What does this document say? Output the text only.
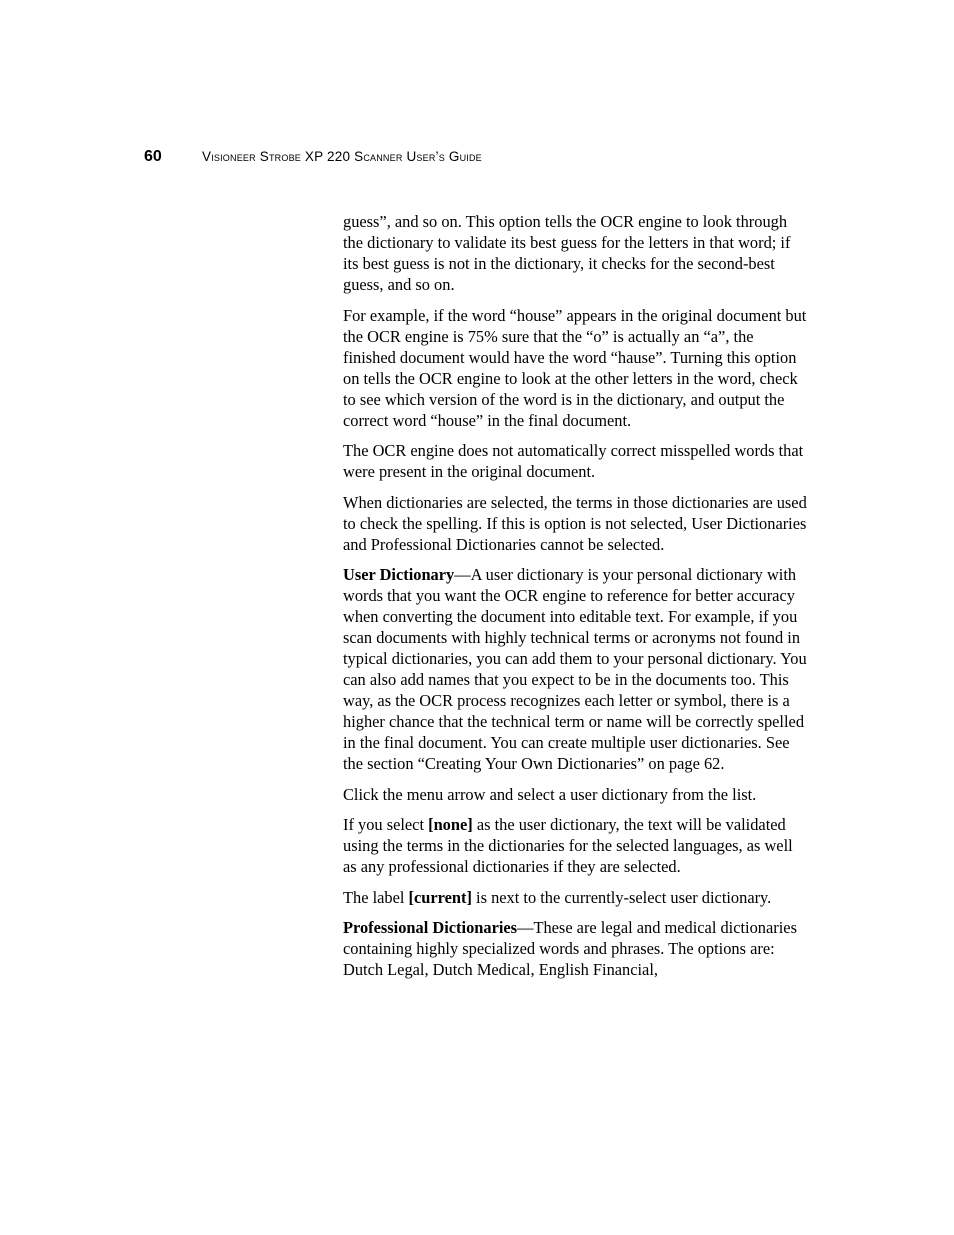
60	Visioneer Strobe XP 220 Scanner User’s Guide

guess”, and so on. This option tells the OCR engine to look through the dictionary to validate its best guess for the letters in that word; if its best guess is not in the dictionary, it checks for the second-best guess, and so on.

For example, if the word “house” appears in the original document but the OCR engine is 75% sure that the “o” is actually an “a”, the finished document would have the word “hause”. Turning this option on tells the OCR engine to look at the other letters in the word, check to see which version of the word is in the dictionary, and output the correct word “house” in the final document.

The OCR engine does not automatically correct misspelled words that were present in the original document.

When dictionaries are selected, the terms in those dictionaries are used to check the spelling. If this is option is not selected, User Dictionaries and Professional Dictionaries cannot be selected.

User Dictionary—A user dictionary is your personal dictionary with words that you want the OCR engine to reference for better accuracy when converting the document into editable text. For example, if you scan documents with highly technical terms or acronyms not found in typical dictionaries, you can add them to your personal dictionary. You can also add names that you expect to be in the documents too. This way, as the OCR process recognizes each letter or symbol, there is a higher chance that the technical term or name will be correctly spelled in the final document. You can create multiple user dictionaries. See the section “Creating Your Own Dictionaries” on page 62.

Click the menu arrow and select a user dictionary from the list.

If you select [none] as the user dictionary, the text will be validated using the terms in the dictionaries for the selected languages, as well as any professional dictionaries if they are selected.

The label [current] is next to the currently-select user dictionary.

Professional Dictionaries—These are legal and medical dictionaries containing highly specialized words and phrases. The options are: Dutch Legal, Dutch Medical, English Financial,
